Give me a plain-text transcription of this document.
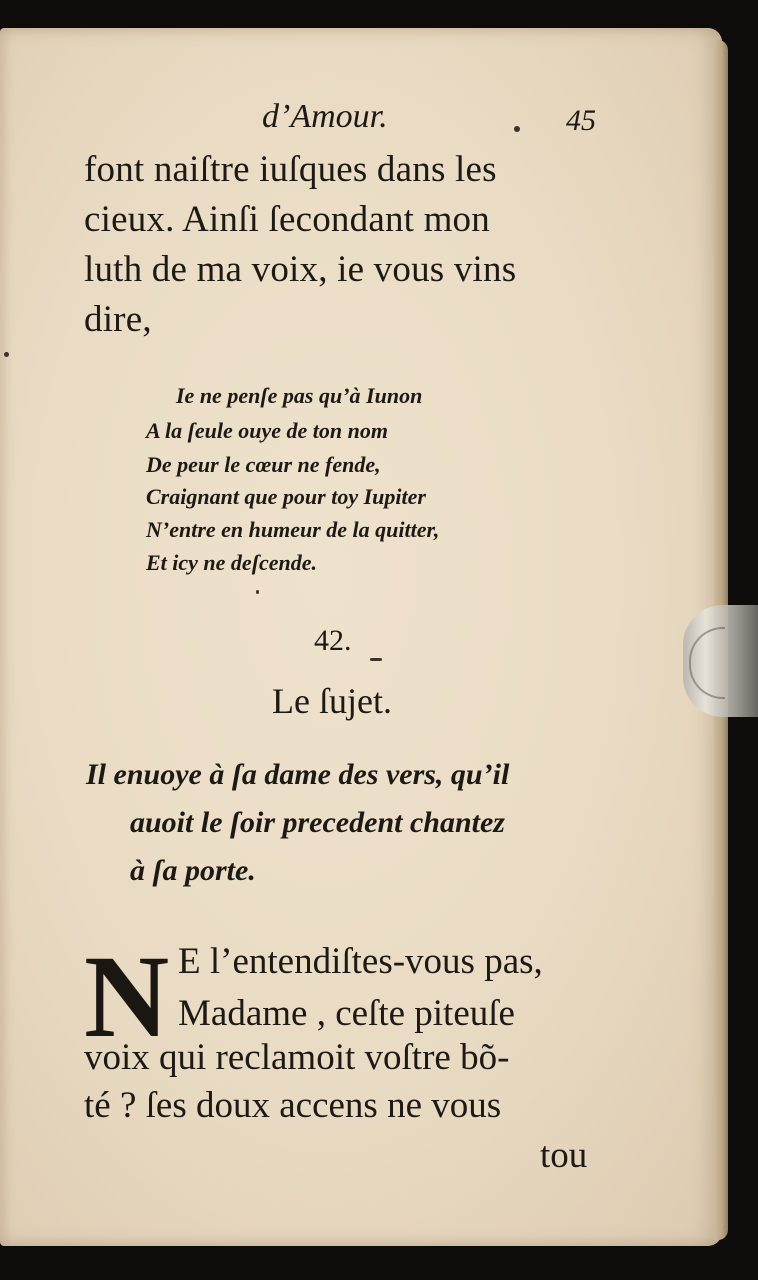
d’Amour.	45
font naiſtre iuſques dans les
cieux. Ainſi ſecondant mon
luth de ma voix, ie vous vins
dire,
Ie ne penſe pas qu’à Iunon
A la ſeule ouye de ton nom
De peur le cœur ne fende,
Craignant que pour toy Iupiter
N’entre en humeur de la quitter,
Et icy ne deſcende.
42.
Le ſujet.
Il enuoye à ſa dame des vers, qu’il
auoit le ſoir precedent chantez
à ſa porte.
N E l’entendiſtes-vous pas,
Madame , ceſte piteuſe
voix qui reclamoit voſtre bõ-
té ? ſes doux accens ne vous
tou
